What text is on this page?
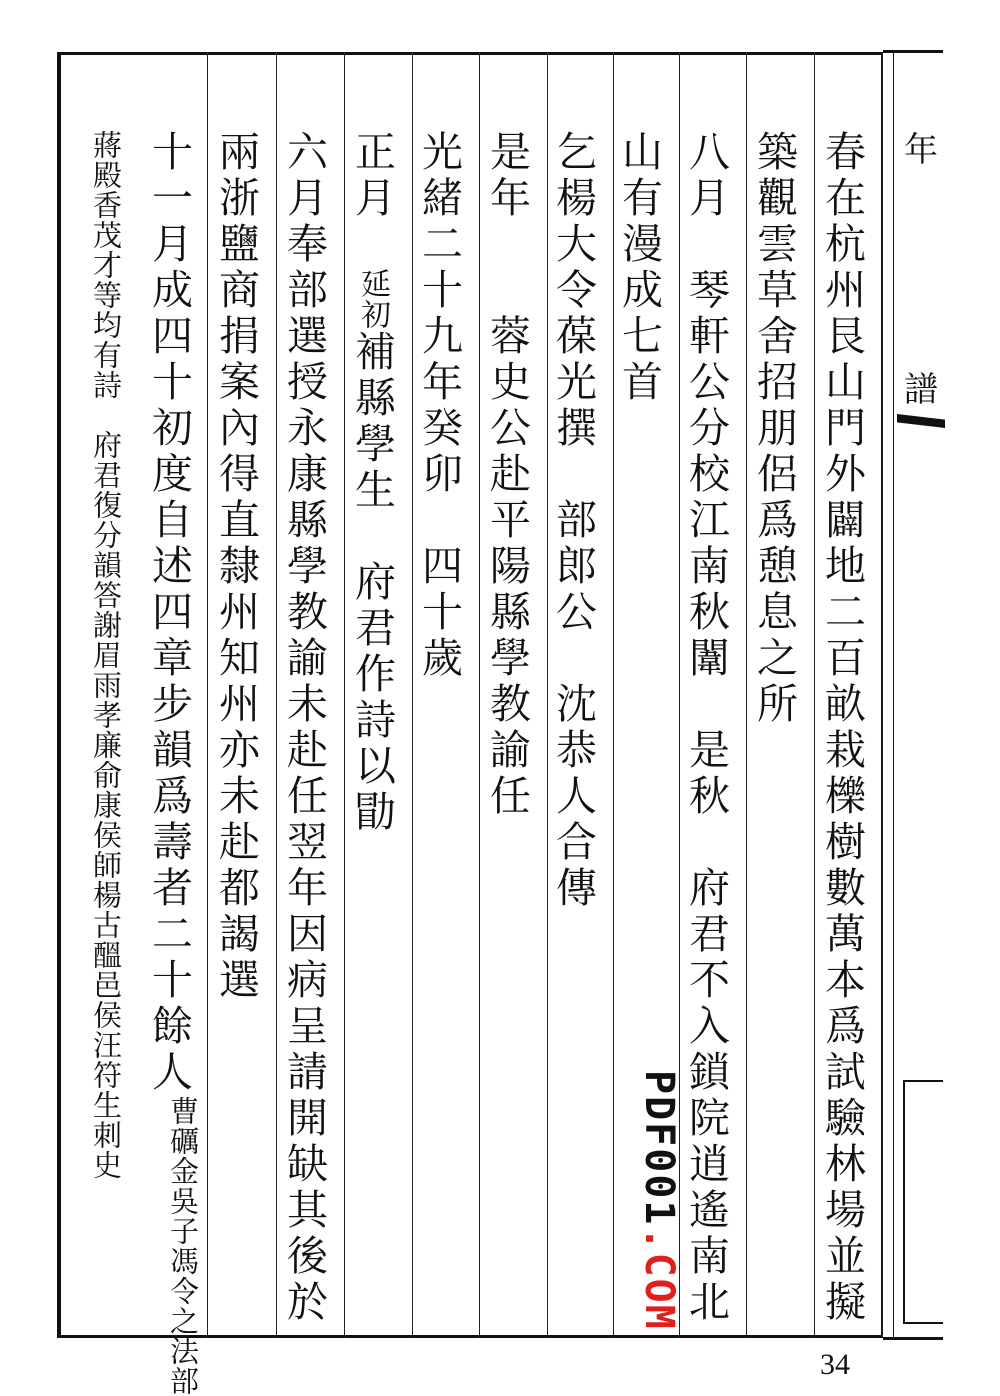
年
譜
春在杭州艮山門外闢地二百畝栽櫟樹數萬本爲試驗林場並擬
築觀雲草舍招朋侶爲憩息之所
八月　琴軒公分校江南秋闈　是秋　府君不入鎖院逍遙南北
山有漫成七首
乞楊大令葆光撰　部郎公　沈恭人合傳
是年　　蓉史公赴平陽縣學教諭任
光緒二十九年癸卯　四十歲
正月　延初補縣學生　府君作詩以勖
六月奉部選授永康縣學教諭未赴任翌年因病呈請開缺其後於
兩浙鹽商捐案內得直隸州知州亦未赴都謁選
十一月成四十初度自述四章步韻爲壽者二十餘人
馮令之法部
曹礪金吳子
眉雨孝廉俞康侯師楊古醞邑侯汪符生刺史
蔣殿香茂才等均有詩　府君復分韻答謝
PDF001.COM
34
